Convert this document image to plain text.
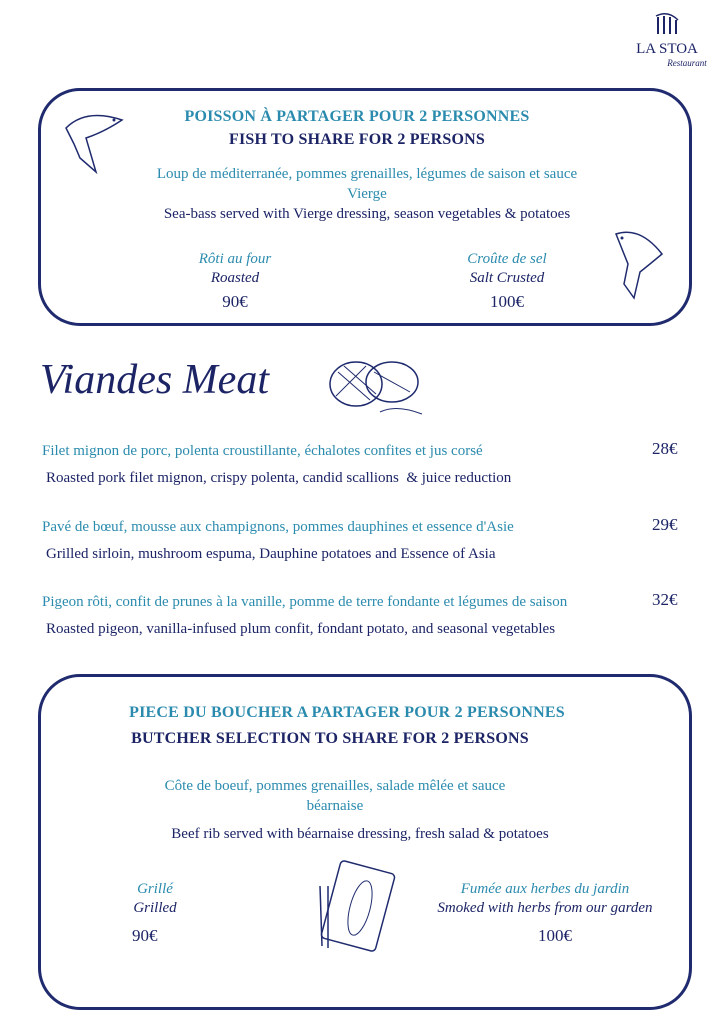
LA STOA
Restaurant
POISSON À PARTAGER POUR 2 PERSONNES
FISH TO SHARE FOR 2 PERSONS
Loup de méditerranée, pommes grenailles, légumes de saison et sauce Vierge
Sea-bass served with Vierge dressing, season vegetables & potatoes
Rôti au four
Roasted
90€
Croûte de sel
Salt Crusted
100€
Viandes Meat
Filet mignon de porc, polenta croustillante, échalotes confites et jus corsé	28€
Roasted pork filet mignon, crispy polenta, candid scallions  & juice reduction
Pavé de bœuf, mousse aux champignons, pommes dauphines et essence d'Asie	29€
Grilled sirloin, mushroom espuma, Dauphine potatoes and Essence of Asia
Pigeon rôti, confit de prunes à la vanille, pomme de terre fondante et légumes de saison	32€
Roasted pigeon, vanilla-infused plum confit, fondant potato, and seasonal vegetables
PIECE DU BOUCHER A PARTAGER POUR 2 PERSONNES
BUTCHER SELECTION TO SHARE FOR 2 PERSONS
Côte de boeuf, pommes grenailles, salade mêlée et sauce béarnaise
Beef rib served with béarnaise dressing, fresh salad & potatoes
Grillé
Grilled
90€
Fumée aux herbes du jardin
Smoked with herbs from our garden
100€
